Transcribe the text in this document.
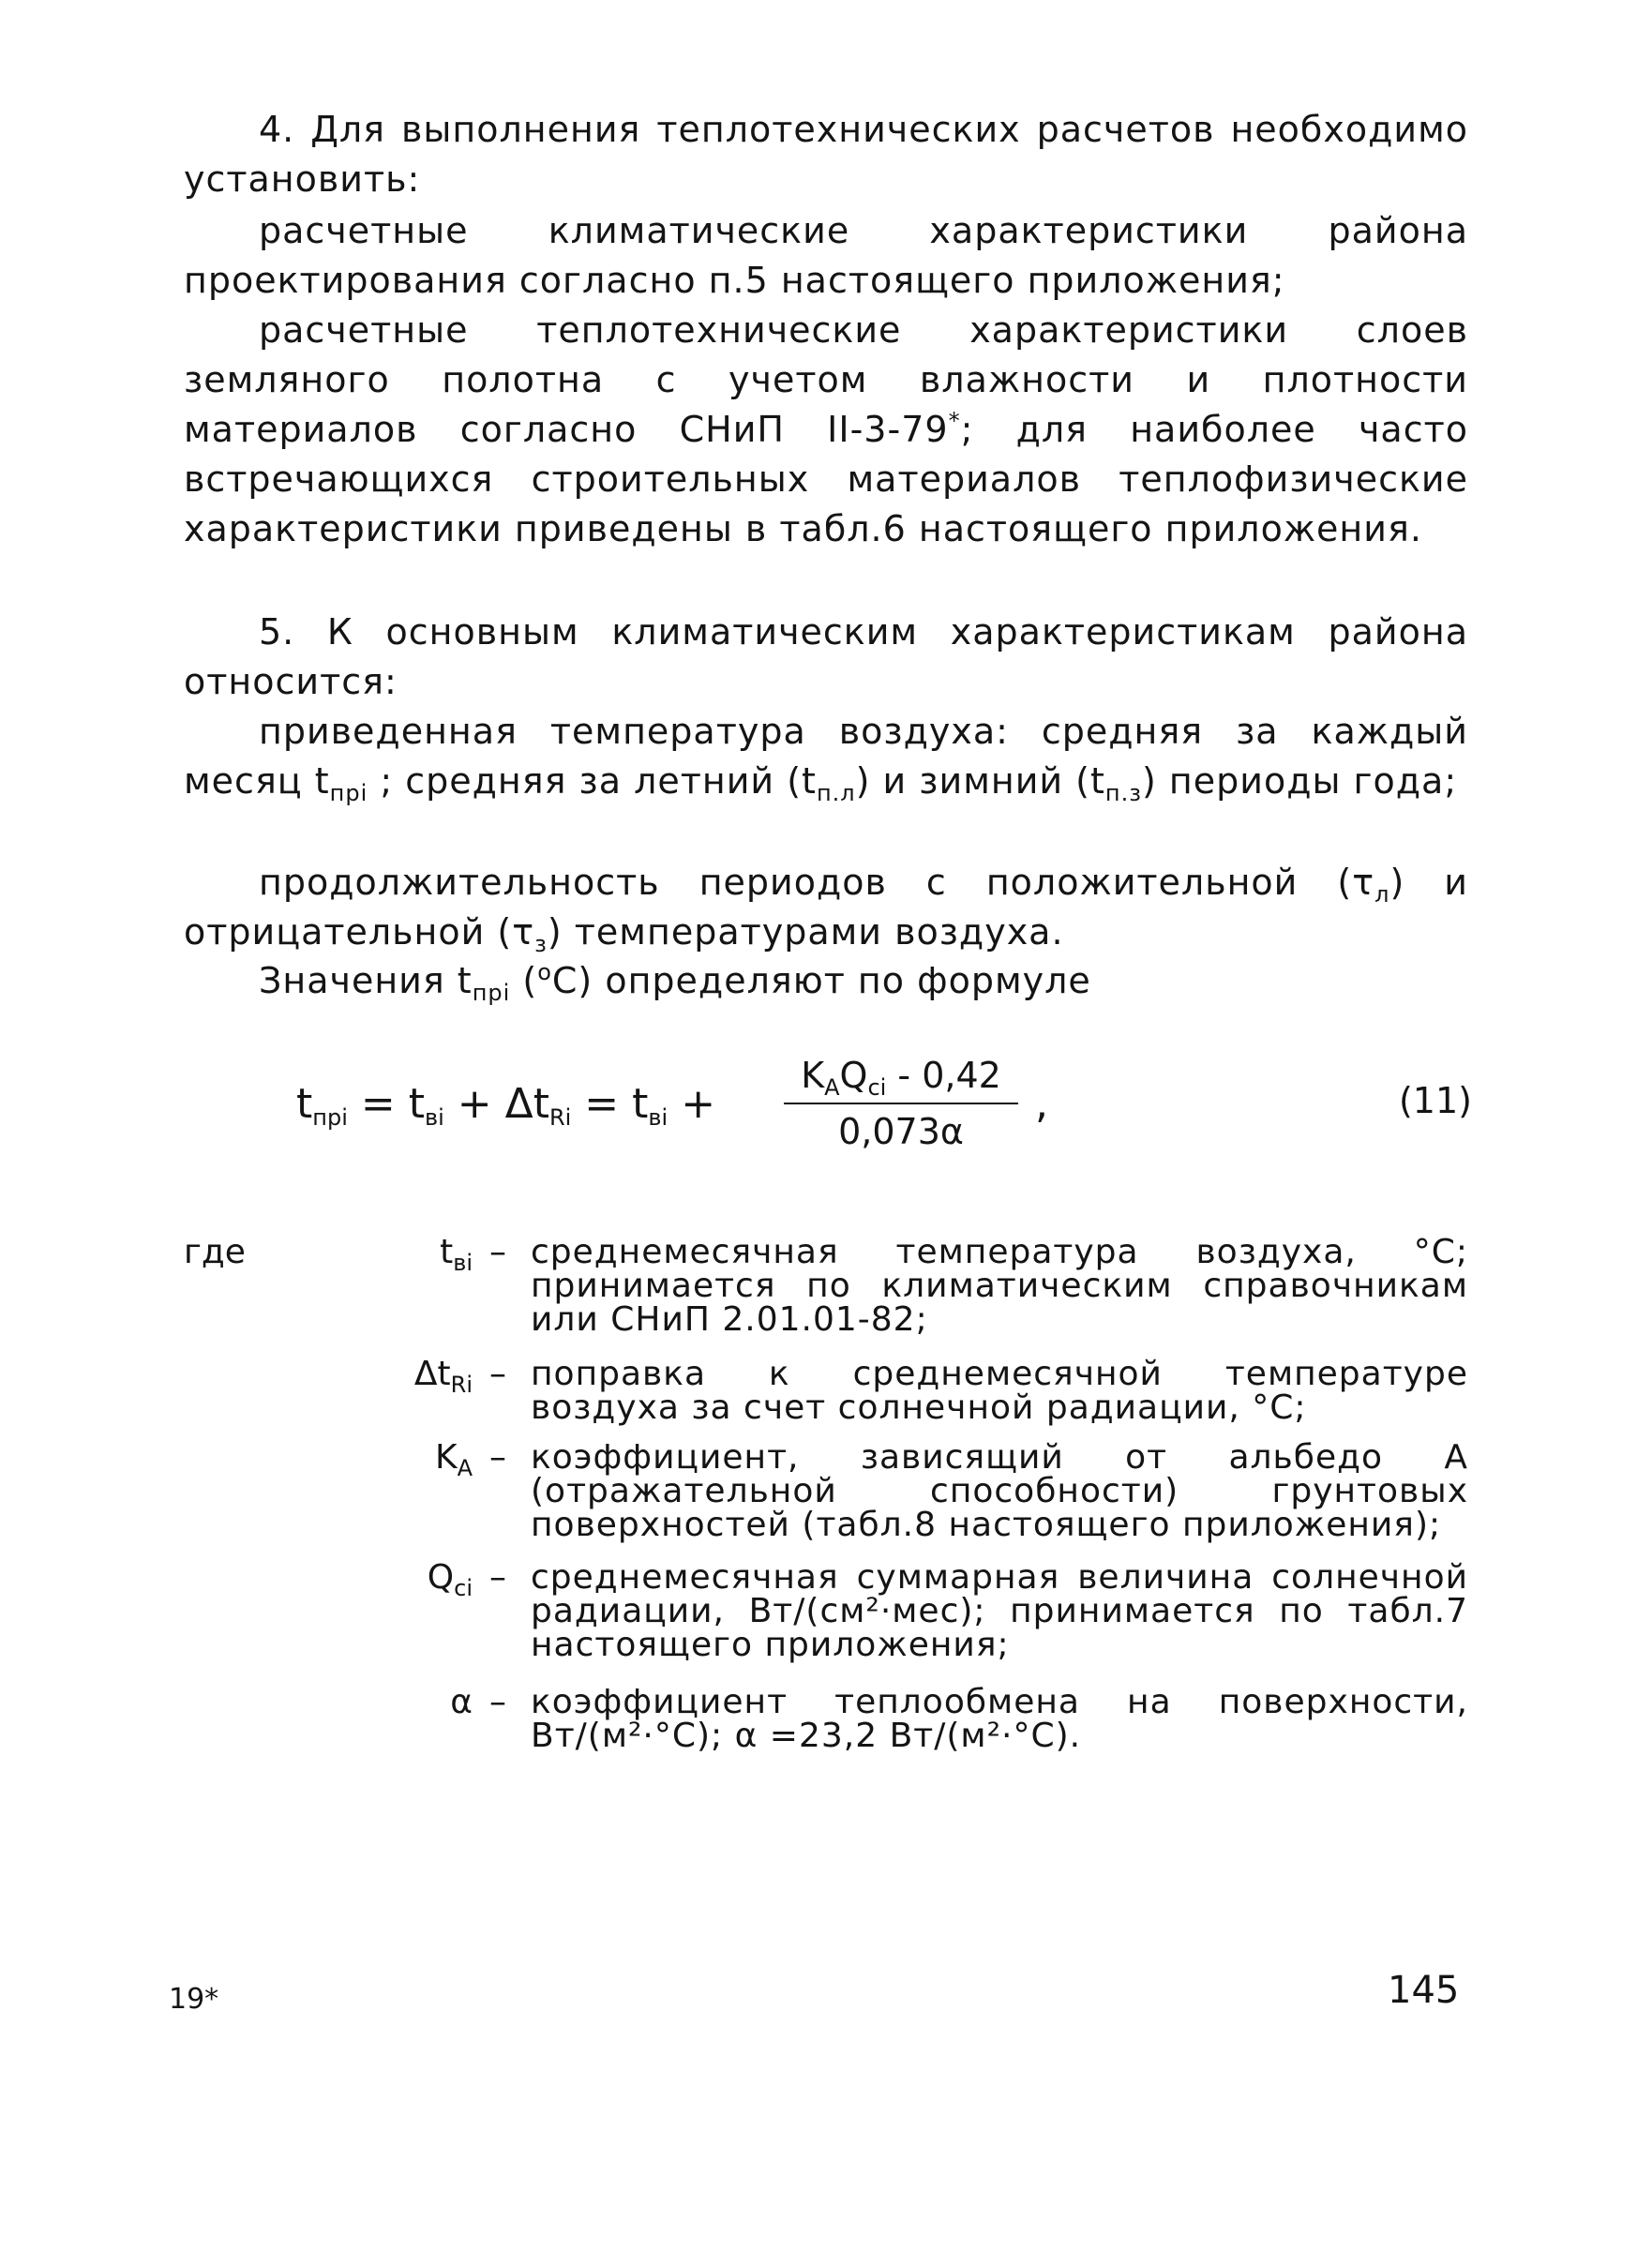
4. Для выполнения теплотехнических расчетов необходимо установить:

расчетные климатические характеристики района проектирования согласно п.5 настоящего приложения;

расчетные теплотехнические характеристики слоев земляного полотна с учетом влажности и плотности материалов согласно СНиП II-3-79*; для наиболее часто встречающихся строительных материалов теплофизические характеристики приведены в табл.6 настоящего приложения.

5. К основным климатическим характеристикам района относится:

приведенная температура воздуха: средняя за каждый месяц $t_{прi}$ ; средняя за летний $(t_{п.л})$ и зимний $(t_{п.з})$ периоды года;

продолжительность периодов с положительной $(\tau_л)$ и отрицательной $(\tau_з)$ температурами воздуха.

Значения $t_{прi}$ ($^о$С) определяют по формуле

$t_{прi} = t_{вi} + \Delta t_{Ri} = t_{вi}$ +
$K_AQ_{ci} - 0,42$
0,073α
,	(11)
где	$t_{вi}$ – среднемесячная температура воздуха, °С; принимается по климатическим справочникам или СНиП 2.01.01-82;
$\Delta t_{Ri}$ – поправка к среднемесячной температуре воздуха за счет солнечной радиации, °С;
$K_A$ – коэффициент, зависящий от альбедо A (отражательной способности) грунтовых поверхностей (табл.8 настоящего приложения);
$Q_{ci}$ – среднемесячная суммарная величина солнечной радиации, Вт/(см²·мес); принимается по табл.7 настоящего приложения;
α – коэффициент теплообмена на поверхности, Вт/(м²·°С); α =23,2 Вт/(м²·°С).
19*	145
